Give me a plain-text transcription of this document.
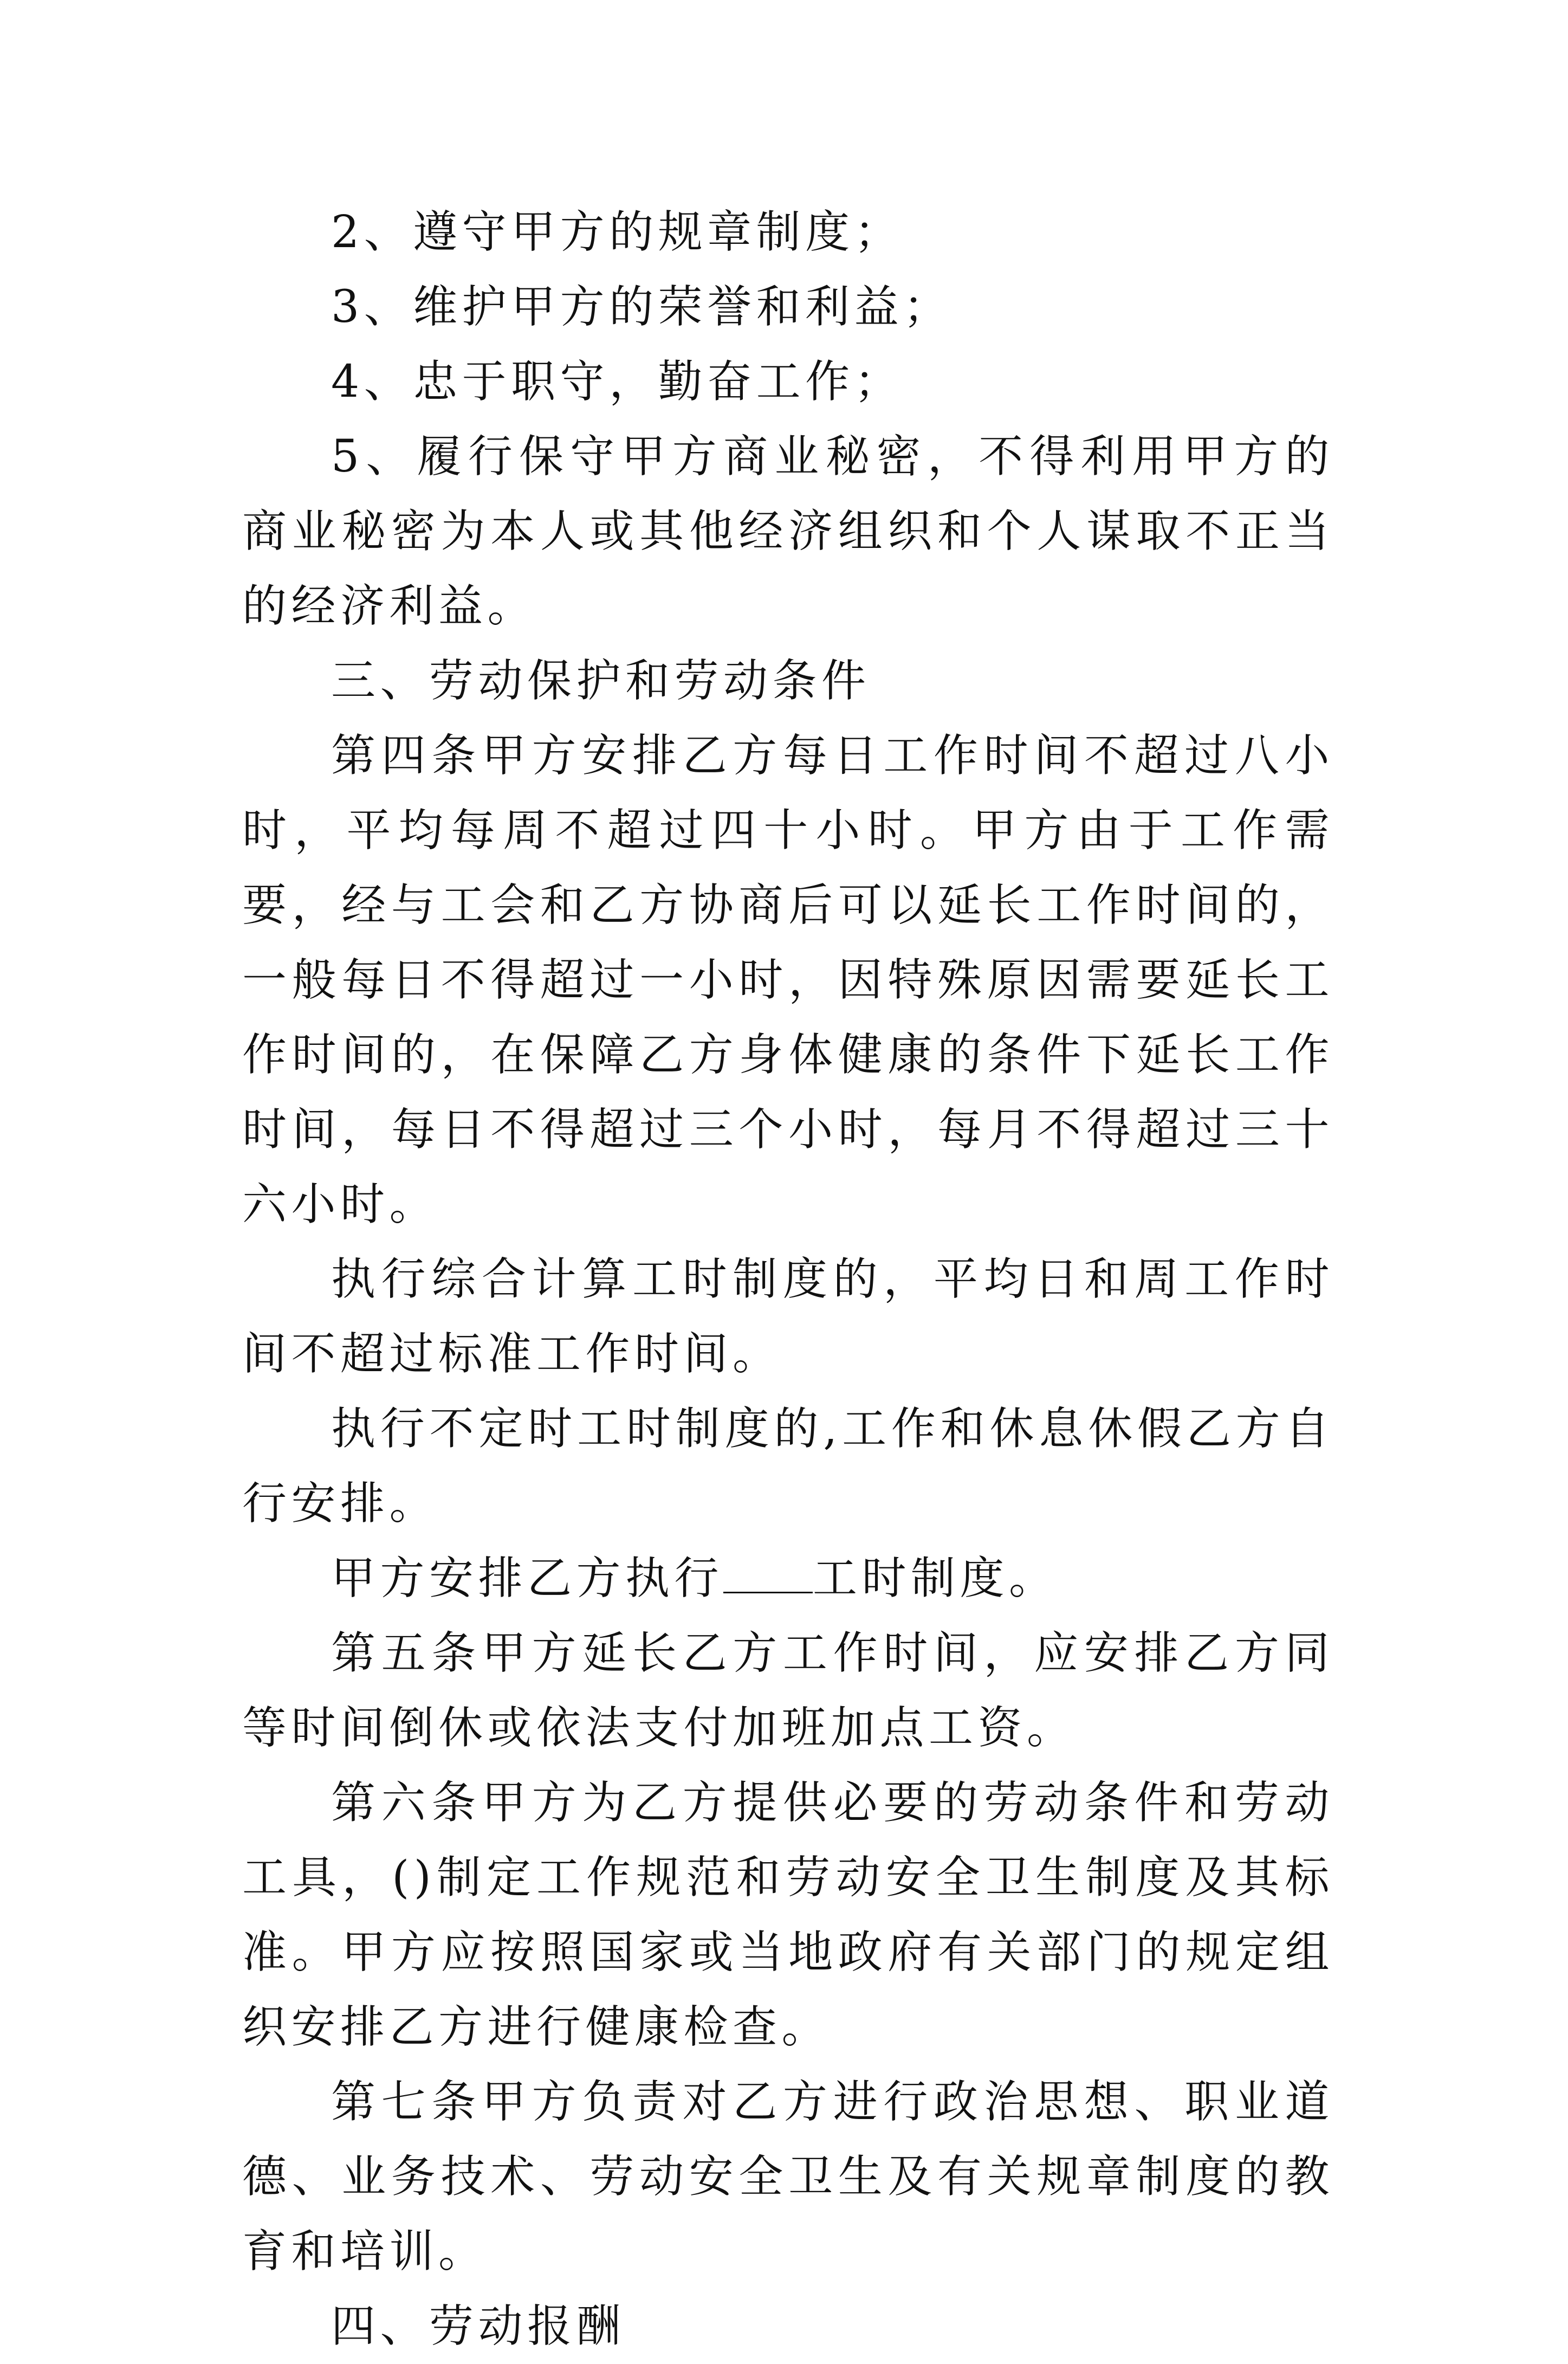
2、遵守甲方的规章制度；

3、维护甲方的荣誉和利益；

4、忠于职守，勤奋工作；

5、履行保守甲方商业秘密，不得利用甲方的商业秘密为本人或其他经济组织和个人谋取不正当的经济利益。

三、劳动保护和劳动条件

第四条甲方安排乙方每日工作时间不超过八小时，平均每周不超过四十小时。甲方由于工作需要，经与工会和乙方协商后可以延长工作时间的，一般每日不得超过一小时，因特殊原因需要延长工作时间的，在保障乙方身体健康的条件下延长工作时间，每日不得超过三个小时，每月不得超过三十六小时。

执行综合计算工时制度的，平均日和周工作时间不超过标准工作时间。

执行不定时工时制度的,工作和休息休假乙方自行安排。

甲方安排乙方执行 工时制度。

第五条甲方延长乙方工作时间，应安排乙方同等时间倒休或依法支付加班加点工资。

第六条甲方为乙方提供必要的劳动条件和劳动工具，()制定工作规范和劳动安全卫生制度及其标准。甲方应按照国家或当地政府有关部门的规定组织安排乙方进行健康检查。

第七条甲方负责对乙方进行政治思想、职业道德、业务技术、劳动安全卫生及有关规章制度的教育和培训。

四、劳动报酬
